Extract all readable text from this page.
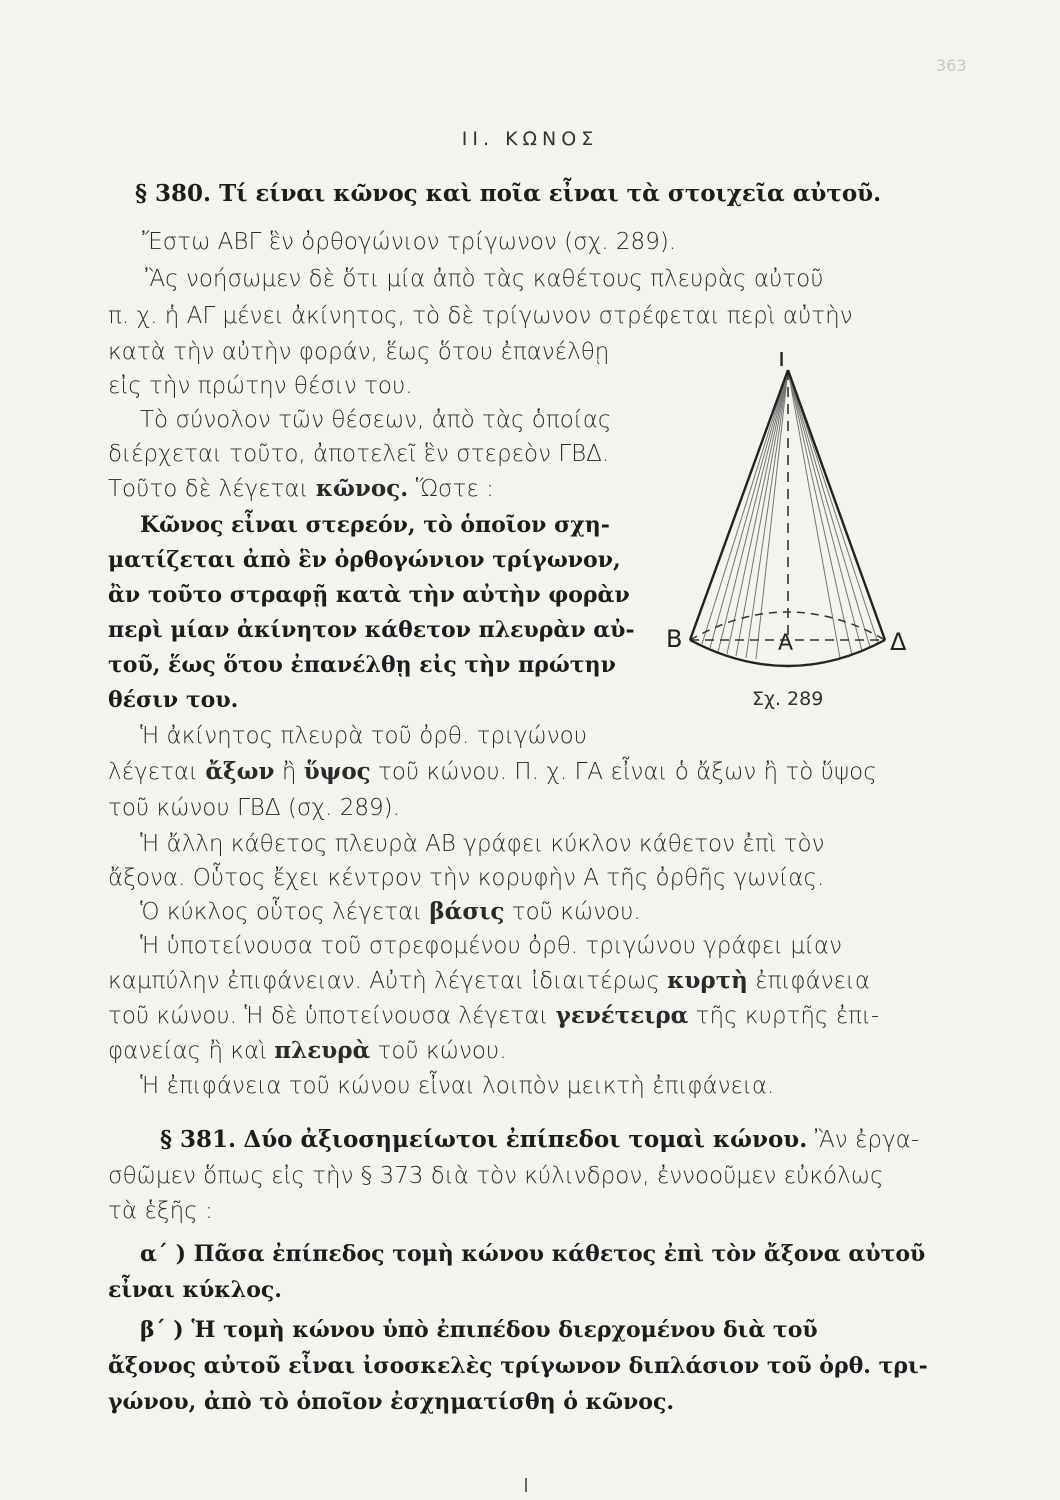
363
II. ΚΩΝΟΣ
§ 380. Τί είναι κῶνος καὶ ποῖα εἶναι τὰ στοιχεῖα αὐτοῦ.
Ἔστω ΑΒΓ ἓν ὀρθογώνιον τρίγωνον (σχ. 289).
Ἂς νοήσωμεν δὲ ὅτι μία ἀπὸ τὰς καθέτους πλευρὰς αὐτοῦ
π. χ. ἡ ΑΓ μένει ἀκίνητος, τὸ δὲ τρίγωνον στρέφεται περὶ αὐτὴν
κατὰ τὴν αὐτὴν φοράν, ἕως ὅτου ἐπανέλθῃ
εἰς τὴν πρώτην θέσιν του.
Τὸ σύνολον τῶν θέσεων, ἀπὸ τὰς ὁποίας
διέρχεται τοῦτο, ἀποτελεῖ ἓν στερεὸν ΓΒΔ.
Τοῦτο δὲ λέγεται κῶνος. Ὥστε :
Κῶνος εἶναι στερεόν, τὸ ὁποῖον σχη-
ματίζεται ἀπὸ ἓν ὀρθογώνιον τρίγωνον,
ἂν τοῦτο στραφῇ κατὰ τὴν αὐτὴν φορὰν
περὶ μίαν ἀκίνητον κάθετον πλευρὰν αὐ-
τοῦ, ἕως ὅτου ἐπανέλθῃ εἰς τὴν πρώτην
θέσιν του.
Γ
Β	Α	Δ
Σχ. 289
Ἡ ἀκίνητος πλευρὰ τοῦ ὀρθ. τριγώνου
λέγεται ἄξων ἢ ὕψος τοῦ κώνου. Π. χ. ΓΑ εἶναι ὁ ἄξων ἢ τὸ ὕψος
τοῦ κώνου ΓΒΔ (σχ. 289).
Ἡ ἄλλη κάθετος πλευρὰ ΑΒ γράφει κύκλον κάθετον ἐπὶ τὸν
ἄξονα. Οὗτος ἔχει κέντρον τὴν κορυφὴν Α τῆς ὀρθῆς γωνίας.
Ὁ κύκλος οὗτος λέγεται βάσις τοῦ κώνου.
Ἡ ὑποτείνουσα τοῦ στρεφομένου ὀρθ. τριγώνου γράφει μίαν
καμπύλην ἐπιφάνειαν. Αὐτὴ λέγεται ἰδιαιτέρως κυρτὴ ἐπιφάνεια
τοῦ κώνου. Ἡ δὲ ὑποτείνουσα λέγεται γενέτειρα τῆς κυρτῆς ἐπι-
φανείας ἢ καὶ πλευρὰ τοῦ κώνου.
Ἡ ἐπιφάνεια τοῦ κώνου εἶναι λοιπὸν μεικτὴ ἐπιφάνεια.
§ 381. Δύο ἀξιοσημείωτοι ἐπίπεδοι τομαὶ κώνου. Ἂν ἐργα-
σθῶμεν ὅπως εἰς τὴν § 373 διὰ τὸν κύλινδρον, ἐννοοῦμεν εὐκόλως
τὰ ἑξῆς :
α΄ ) Πᾶσα ἐπίπεδος τομὴ κώνου κάθετος ἐπὶ τὸν ἄξονα αὐτοῦ
εἶναι κύκλος.
β΄ ) Ἡ τομὴ κώνου ὑπὸ ἐπιπέδου διερχομένου διὰ τοῦ
ἄξονος αὐτοῦ εἶναι ἰσοσκελὲς τρίγωνον διπλάσιον τοῦ ὀρθ. τρι-
γώνου, ἀπὸ τὸ ὁποῖον ἐσχηματίσθη ὁ κῶνος.
